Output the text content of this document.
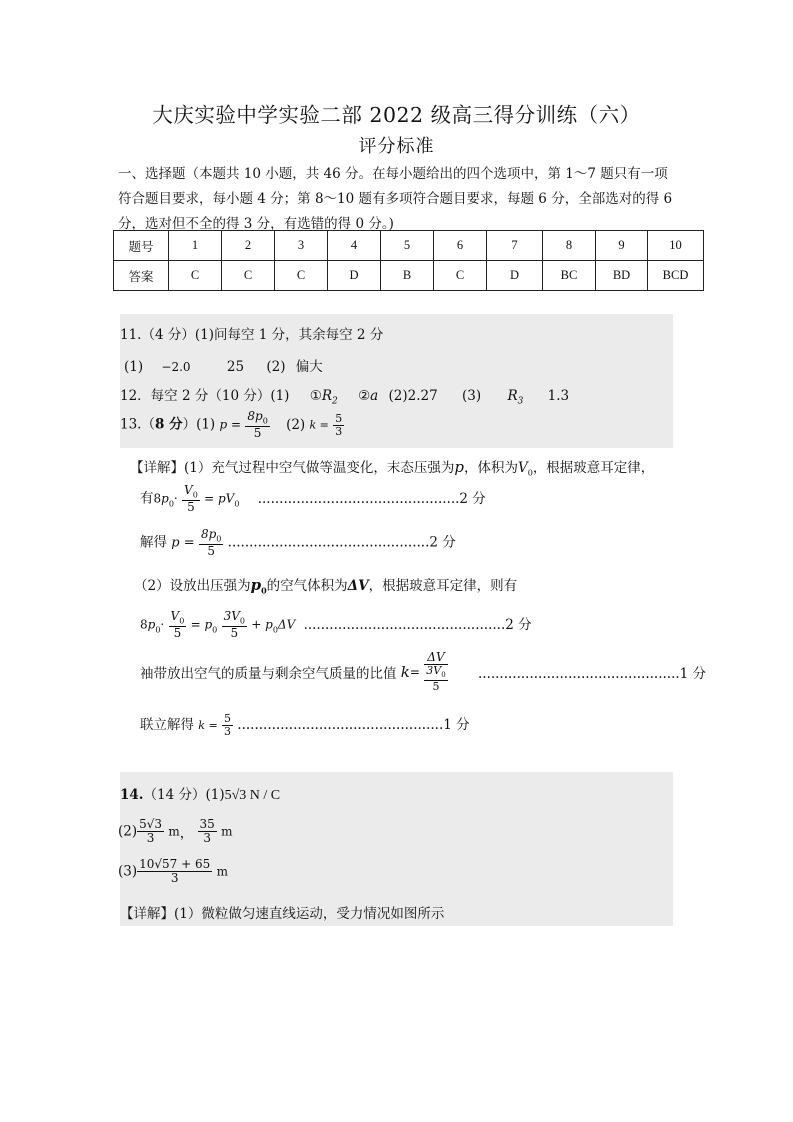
大庆实验中学实验二部 2022 级高三得分训练（六）
评分标准
一、选择题（本题共 10 小题，共 46 分。在每小题给出的四个选项中，第 1～7 题只有一项
符合题目要求，每小题 4 分；第 8～10 题有多项符合题目要求，每题 6 分，全部选对的得 6
分，选对但不全的得 3 分，有选错的得 0 分。)
题号	1	2	3	4	5	6	7	8	9	10
答案	C	C	C	D	B	C	D	BC	BD	BCD
11.（4 分）(1)问每空 1 分，其余每空 2 分
(1) −2.0	25 (2) 偏大
12．每空 2 分（10 分）(1) $①R_2$ ②a (2)2.27 (3) $R_3$ 1.3
13.（8 分）(1) $p = \frac{8p_0}{5} (2) k = \frac{5}{3}$
【详解】(1）充气过程中空气做等温变化，末态压强为p，体积为$V_0$，根据玻意耳定律，
有$8p_0\cdot \frac{V_0}{5} = pV_0$ ...............................................2 分
解得 $p = \frac{8p_0}{5} ...............................................2$ 分
（2）设放出压强为$p_0$的空气体积为ΔV，根据玻意耳定律，则有
$8p_0\cdot \frac{V_0}{5} = p_0 \frac{3V_0}{5} + p_0\Delta V$ ...............................................2 分
袖带放出空气的质量与剩余空气质量的比值 $k= \frac{\Delta V}{\frac{3V_0}{5}} ...............................................1$ 分
联立解得 $k = \frac{5}{3} ................................................1$ 分
14.（14 分）(1)5√3 N / C
$(2) \frac{5√3}{3}$ m， $\frac{35}{3}$ m
$(3) \frac{10√57 + 65}{3}$ m
【详解】(1）微粒做匀速直线运动，受力情况如图所示
